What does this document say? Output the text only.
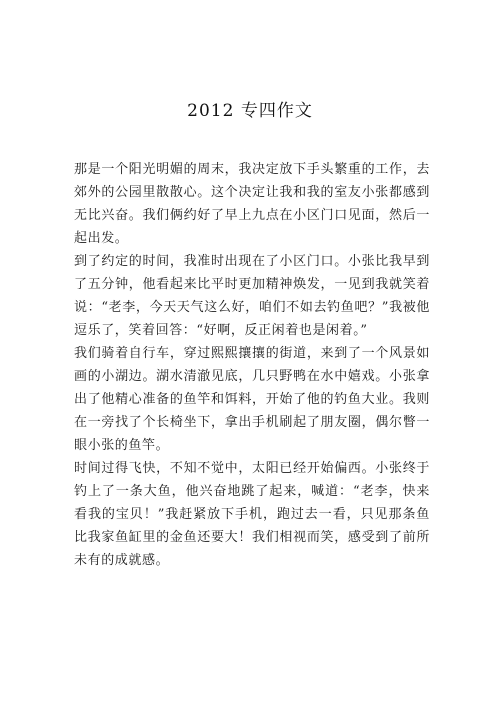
2012 专四作文

那是一个阳光明媚的周末，我决定放下手头繁重的工作，去郊外的公园里散散心。这个决定让我和我的室友小张都感到无比兴奋。我们俩约好了早上九点在小区门口见面，然后一起出发。

到了约定的时间，我准时出现在了小区门口。小张比我早到了五分钟，他看起来比平时更加精神焕发，一见到我就笑着说：“老李，今天天气这么好，咱们不如去钓鱼吧？”我被他逗乐了，笑着回答：“好啊，反正闲着也是闲着。”

我们骑着自行车，穿过熙熙攘攘的街道，来到了一个风景如画的小湖边。湖水清澈见底，几只野鸭在水中嬉戏。小张拿出了他精心准备的鱼竿和饵料，开始了他的钓鱼大业。我则在一旁找了个长椅坐下，拿出手机刷起了朋友圈，偶尔瞥一眼小张的鱼竿。

时间过得飞快，不知不觉中，太阳已经开始偏西。小张终于钓上了一条大鱼，他兴奋地跳了起来，喊道：“老李，快来看我的宝贝！”我赶紧放下手机，跑过去一看，只见那条鱼比我家鱼缸里的金鱼还要大！我们相视而笑，感受到了前所未有的成就感。
